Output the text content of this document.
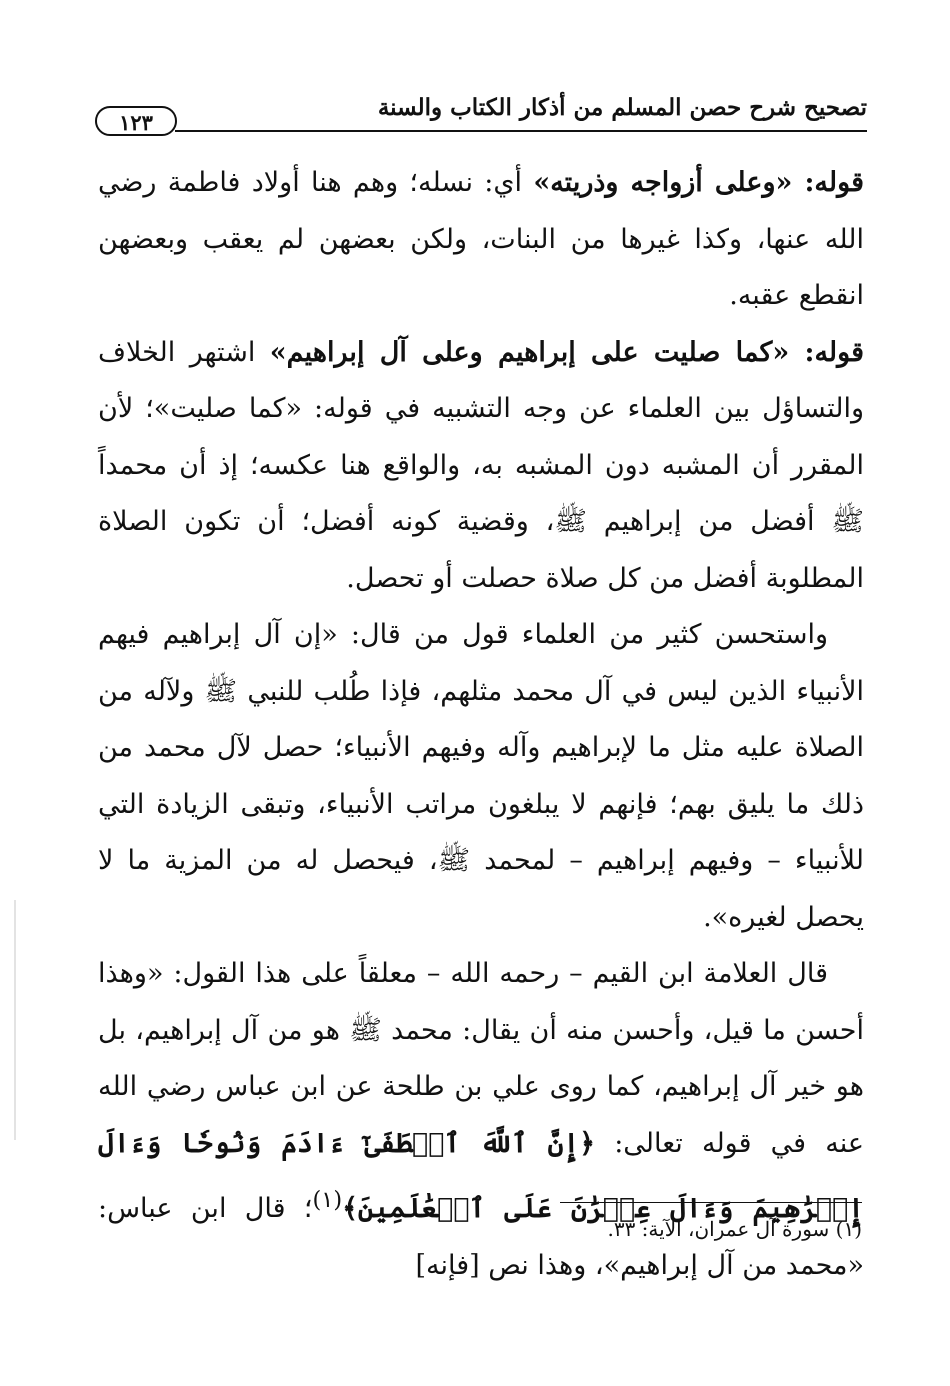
تصحيح شرح حصن المسلم من أذكار الكتاب والسنة
١٢٣

قوله: «وعلى أزواجه وذريته» أي: نسله؛ وهم هنا أولاد فاطمة رضي الله عنها، وكذا غيرها من البنات، ولكن بعضهن لم يعقب وبعضهن انقطع عقبه.

قوله: «كما صليت على إبراهيم وعلى آل إبراهيم» اشتهر الخلاف والتساؤل بين العلماء عن وجه التشبيه في قوله: «كما صليت»؛ لأن المقرر أن المشبه دون المشبه به، والواقع هنا عكسه؛ إذ أن محمداً ﷺ أفضل من إبراهيم ﷺ، وقضية كونه أفضل؛ أن تكون الصلاة المطلوبة أفضل من كل صلاة حصلت أو تحصل.

واستحسن كثير من العلماء قول من قال: «إن آل إبراهيم فيهم الأنبياء الذين ليس في آل محمد مثلهم، فإذا طُلب للنبي ﷺ ولآله من الصلاة عليه مثل ما لإبراهيم وآله وفيهم الأنبياء؛ حصل لآل محمد من ذلك ما يليق بهم؛ فإنهم لا يبلغون مراتب الأنبياء، وتبقى الزيادة التي للأنبياء – وفيهم إبراهيم – لمحمد ﷺ، فيحصل له من المزية ما لا يحصل لغيره».

قال العلامة ابن القيم – رحمه الله – معلقاً على هذا القول: «وهذا أحسن ما قيل، وأحسن منه أن يقال: محمد ﷺ هو من آل إبراهيم، بل هو خير آل إبراهيم، كما روى علي بن طلحة عن ابن عباس رضي الله عنه في قوله تعالى: ﴿إِنَّ ٱللَّهَ ٱصۡطَفَىٰٓ ءَادَمَ وَنُوحٗا وَءَالَ إِبۡرَٰهِيمَ وَءَالَ عِمۡرَٰنَ عَلَى ٱلۡعَٰلَمِينَ﴾$^{(١)}$؛ قال ابن عباس: «محمد من آل إبراهيم»، وهذا نص [فإنه]

(١) سورة آل عمران، الآية: ٣٣.
